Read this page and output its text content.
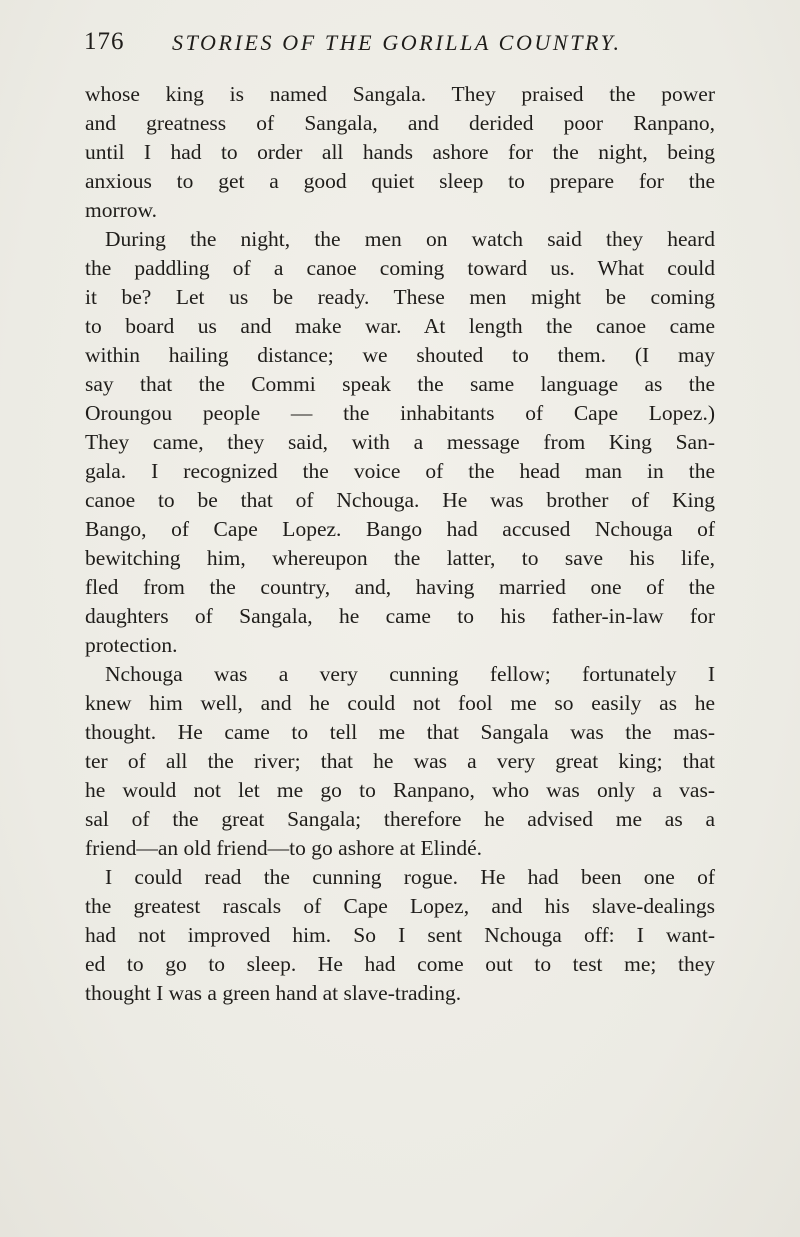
176 STORIES OF THE GORILLA COUNTRY.
whose king is named Sangala. They praised the power
and greatness of Sangala, and derided poor Ranpano,
until I had to order all hands ashore for the night, being
anxious to get a good quiet sleep to prepare for the
morrow.
During the night, the men on watch said they heard
the paddling of a canoe coming toward us. What could
it be? Let us be ready. These men might be coming
to board us and make war. At length the canoe came
within hailing distance; we shouted to them. (I may
say that the Commi speak the same language as the
Oroungou people — the inhabitants of Cape Lopez.)
They came, they said, with a message from King San-
gala. I recognized the voice of the head man in the
canoe to be that of Nchouga. He was brother of King
Bango, of Cape Lopez. Bango had accused Nchouga of
bewitching him, whereupon the latter, to save his life,
fled from the country, and, having married one of the
daughters of Sangala, he came to his father-in-law for
protection.
Nchouga was a very cunning fellow; fortunately I
knew him well, and he could not fool me so easily as he
thought. He came to tell me that Sangala was the mas-
ter of all the river; that he was a very great king; that
he would not let me go to Ranpano, who was only a vas-
sal of the great Sangala; therefore he advised me as a
friend—an old friend—to go ashore at Elindé.
I could read the cunning rogue. He had been one of
the greatest rascals of Cape Lopez, and his slave-dealings
had not improved him. So I sent Nchouga off: I want-
ed to go to sleep. He had come out to test me; they
thought I was a green hand at slave-trading.
